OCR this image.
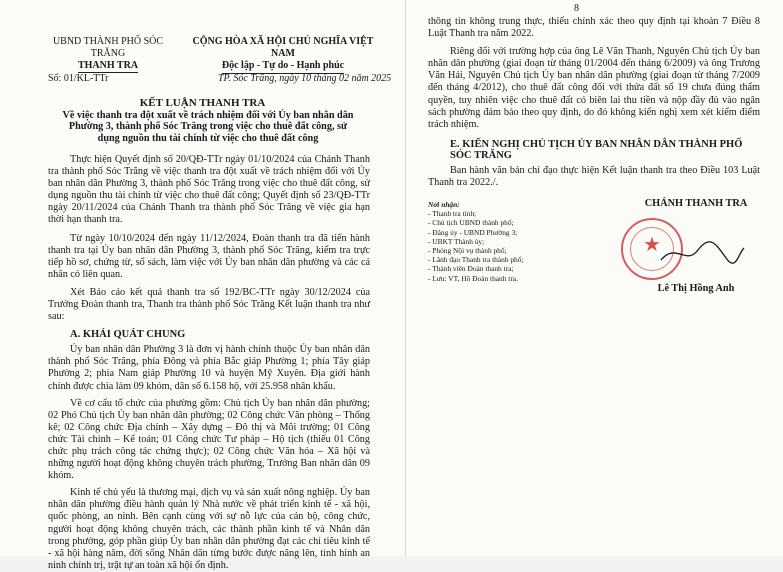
UBND THÀNH PHỐ SÓC TRĂNG
THANH TRA
CỘNG HÒA XÃ HỘI CHỦ NGHĨA VIỆT NAM
Độc lập - Tự do - Hạnh phúc
Số: 01/KL-TTr	TP. Sóc Trăng, ngày 10 tháng 02 năm 2025
KẾT LUẬN THANH TRA
Về việc thanh tra đột xuất về trách nhiệm đối với Ủy ban nhân dân Phường 3, thành phố Sóc Trăng trong việc cho thuê đất công, sử dụng nguồn thu tài chính từ việc cho thuê đất công

Thực hiện Quyết định số 20/QĐ-TTr ngày 01/10/2024 của Chánh Thanh tra thành phố Sóc Trăng về việc thanh tra đột xuất về trách nhiệm đối với Ủy ban nhân dân Phường 3, thành phố Sóc Trăng trong việc cho thuê đất công, sử dụng nguồn thu tài chính từ việc cho thuê đất công; Quyết định số 23/QĐ-TTr ngày 20/11/2024 của Chánh Thanh tra thành phố Sóc Trăng về việc gia hạn thời hạn thanh tra.

Từ ngày 10/10/2024 đến ngày 11/12/2024, Đoàn thanh tra đã tiến hành thanh tra tại Ủy ban nhân dân Phường 3, thành phố Sóc Trăng, kiểm tra trực tiếp hồ sơ, chứng từ, sổ sách, làm việc với Ủy ban nhân dân phường và các cá nhân có liên quan.

Xét Báo cáo kết quả thanh tra số 192/BC-TTr ngày 30/12/2024 của Trưởng Đoàn thanh tra, Thanh tra thành phố Sóc Trăng Kết luận thanh tra như sau:

A. KHÁI QUÁT CHUNG

Ủy ban nhân dân Phường 3 là đơn vị hành chính thuộc Ủy ban nhân dân thành phố Sóc Trăng, phía Đông và phía Bắc giáp Phường 1; phía Tây giáp Phường 2; phía Nam giáp Phường 10 và huyện Mỹ Xuyên. Địa giới hành chính được chia làm 09 khóm, dân số 6.158 hộ, với 25.958 nhân khẩu.

Về cơ cấu tổ chức của phường gồm: Chủ tịch Ủy ban nhân dân phường; 02 Phó Chủ tịch Ủy ban nhân dân phường; 02 Công chức Văn phòng – Thống kê; 02 Công chức Địa chính – Xây dựng – Đô thị và Môi trường; 01 Công chức Tài chính – Kế toán; 01 Công chức Tư pháp – Hộ tịch (thiếu 01 Công chức phụ trách công tác chứng thực); 02 Công chức Văn hóa – Xã hội và những người hoạt động không chuyên trách phường, Trưởng Ban nhân dân 09 khóm.

Kinh tế chủ yếu là thương mại, dịch vụ và sản xuất nông nghiệp. Ủy ban nhân dân phường điều hành quản lý Nhà nước về phát triển kinh tế - xã hội, quốc phòng, an ninh. Bên cạnh cùng với sự nỗ lực của cán bộ, công chức, người hoạt động không chuyên trách, các thành phần kinh tế và Nhân dân trong phường, góp phần giúp Ủy ban nhân dân phường đạt các chỉ tiêu kinh tế - xã hội hàng năm, đời sống Nhân dân từng bước được nâng lên, tình hình an ninh chính trị, trật tự an toàn xã hội ổn định.

8

thông tin không trung thực, thiếu chính xác theo quy định tại khoản 7 Điều 8 Luật Thanh tra năm 2022.

Riêng đối với trường hợp của ông Lê Văn Thanh, Nguyên Chủ tịch Ủy ban nhân dân phường (giai đoạn từ tháng 01/2004 đến tháng 6/2009) và ông Trương Văn Hải, Nguyên Chủ tịch Ủy ban nhân dân phường (giai đoạn từ tháng 7/2009 đến tháng 4/2012), cho thuê đất công đối với thửa đất số 19 chưa đúng thẩm quyền, tuy nhiên việc cho thuê đất có biên lai thu tiền và nộp đầy đủ vào ngân sách phường đảm bảo theo quy định, do đó không kiến nghị xem xét kiểm điểm trách nhiệm.

E. KIẾN NGHỊ CHỦ TỊCH ỦY BAN NHÂN DÂN THÀNH PHỐ SÓC TRĂNG

Ban hành văn bản chỉ đạo thực hiện Kết luận thanh tra theo Điều 103 Luật Thanh tra 2022./.

Nơi nhận:
- Thanh tra tỉnh;
- Chủ tịch UBND thành phố;
- Đảng ủy - UBND Phường 3;
- UBKT Thành ủy;
- Phòng Nội vụ thành phố;
- Lãnh đạo Thanh tra thành phố;
- Thành viên Đoàn thanh tra;
- Lưu: VT, Hồ Đoàn thanh tra.
CHÁNH THANH TRA
★
Lê Thị Hồng Anh
